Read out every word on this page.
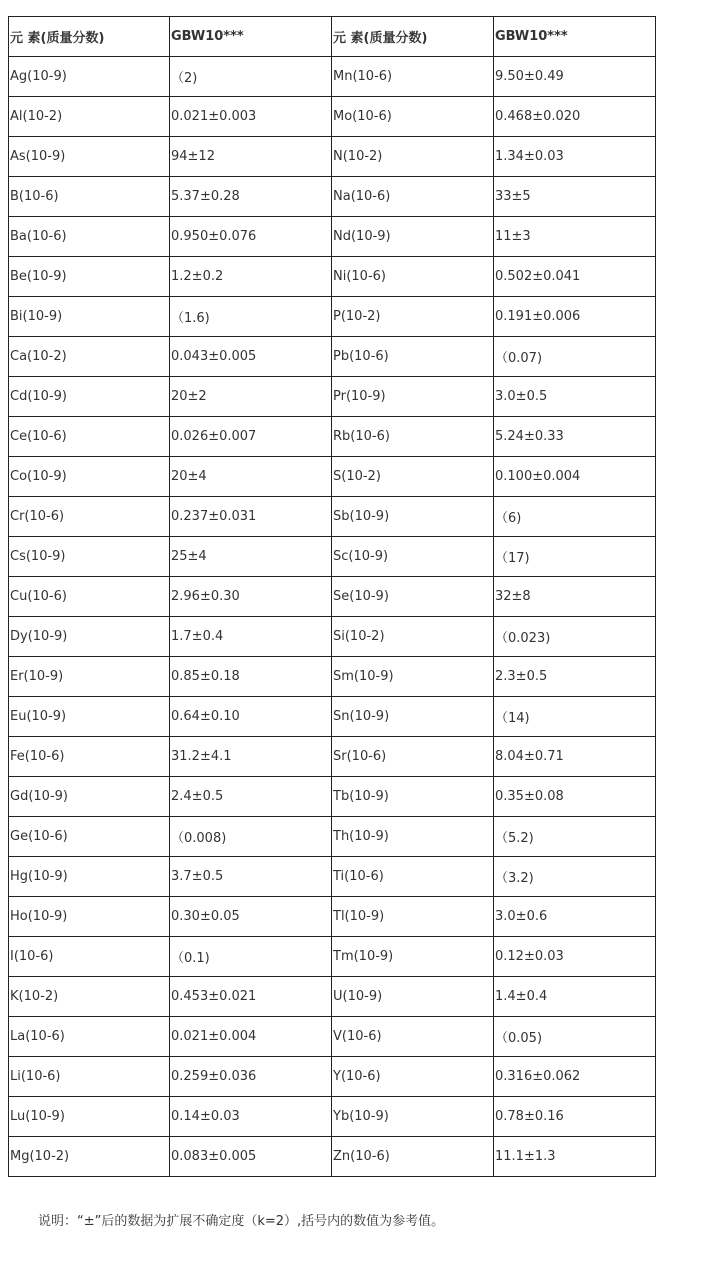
元 素(质量分数)	GBW10***	元 素(质量分数)	GBW10***
Ag(10-9)	（2)	Mn(10-6)	9.50±0.49
Al(10-2)	0.021±0.003	Mo(10-6)	0.468±0.020
As(10-9)	94±12	N(10-2)	1.34±0.03
B(10-6)	5.37±0.28	Na(10-6)	33±5
Ba(10-6)	0.950±0.076	Nd(10-9)	11±3
Be(10-9)	1.2±0.2	Ni(10-6)	0.502±0.041
Bi(10-9)	（1.6)	P(10-2)	0.191±0.006
Ca(10-2)	0.043±0.005	Pb(10-6)	（0.07)
Cd(10-9)	20±2	Pr(10-9)	3.0±0.5
Ce(10-6)	0.026±0.007	Rb(10-6)	5.24±0.33
Co(10-9)	20±4	S(10-2)	0.100±0.004
Cr(10-6)	0.237±0.031	Sb(10-9)	（6)
Cs(10-9)	25±4	Sc(10-9)	（17)
Cu(10-6)	2.96±0.30	Se(10-9)	32±8
Dy(10-9)	1.7±0.4	Si(10-2)	（0.023)
Er(10-9)	0.85±0.18	Sm(10-9)	2.3±0.5
Eu(10-9)	0.64±0.10	Sn(10-9)	（14)
Fe(10-6)	31.2±4.1	Sr(10-6)	8.04±0.71
Gd(10-9)	2.4±0.5	Tb(10-9)	0.35±0.08
Ge(10-6)	（0.008)	Th(10-9)	（5.2)
Hg(10-9)	3.7±0.5	Ti(10-6)	（3.2)
Ho(10-9)	0.30±0.05	Tl(10-9)	3.0±0.6
I(10-6)	（0.1)	Tm(10-9)	0.12±0.03
K(10-2)	0.453±0.021	U(10-9)	1.4±0.4
La(10-6)	0.021±0.004	V(10-6)	（0.05)
Li(10-6)	0.259±0.036	Y(10-6)	0.316±0.062
Lu(10-9)	0.14±0.03	Yb(10-9)	0.78±0.16
Mg(10-2)	0.083±0.005	Zn(10-6)	11.1±1.3
说明：“±”后的数据为扩展不确定度（k=2）,括号内的数值为参考值。
